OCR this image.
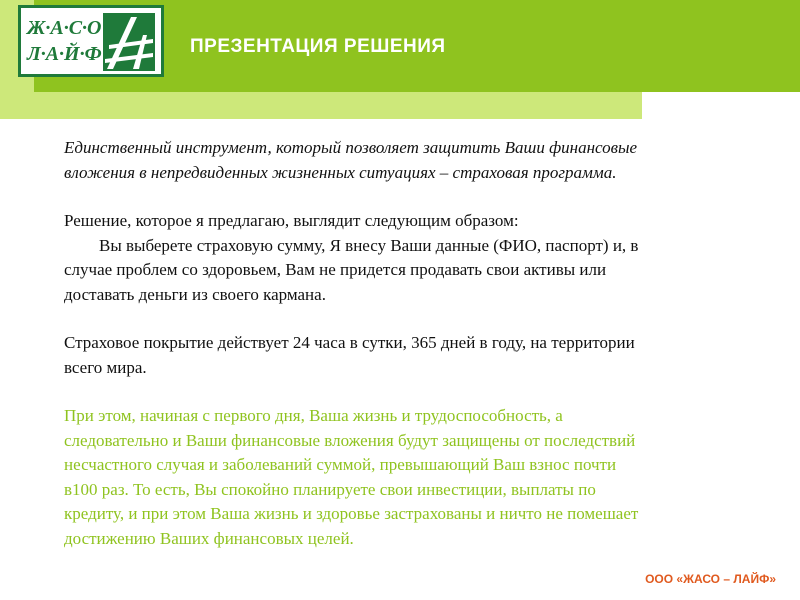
Ж·А·С·О
Л·А·Й·Ф	ПРЕЗЕНТАЦИЯ РЕШЕНИЯ

Единственный инструмент, который позволяет защитить Ваши финансовые

вложения в непредвиденных жизненных ситуациях – страховая программа.

Решение, которое я предлагаю, выглядит следующим образом:

Вы выберете страховую сумму, Я внесу Ваши данные (ФИО, паспорт) и, в

случае проблем со здоровьем, Вам не придется продавать свои активы или

доставать деньги из своего кармана.

Страховое покрытие действует 24 часа в сутки, 365 дней в году, на территории

всего мира.

При этом, начиная с первого дня, Ваша жизнь и трудоспособность, а

следовательно и Ваши финансовые вложения будут защищены от последствий

несчастного случая и заболеваний суммой, превышающий Ваш взнос почти

в100 раз. То есть, Вы спокойно планируете свои инвестиции, выплаты по

кредиту, и при этом Ваша жизнь и здоровье застрахованы и ничто не помешает

достижению Ваших финансовых целей.

ООО «ЖАСО – ЛАЙФ»
